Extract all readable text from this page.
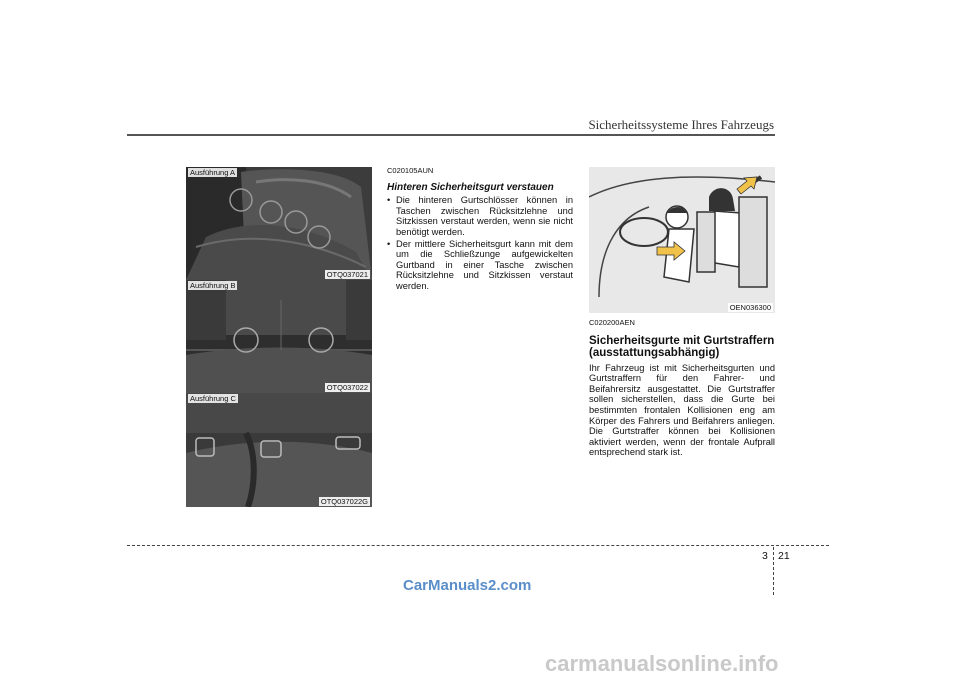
Sicherheitssysteme Ihres Fahrzeugs
Ausführung A
OTQ037021
Ausführung B
OTQ037022
Ausführung C
OTQ037022G
C020105AUN
Hinteren Sicherheitsgurt verstauen
• Die hinteren Gurtschlösser können in Taschen zwischen Rücksitzlehne und Sitzkissen verstaut werden, wenn sie nicht benötigt werden.
• Der mittlere Sicherheitsgurt kann mit dem um die Schließzunge aufgewickelten Gurtband in einer Tasche zwischen Rücksitzlehne und Sitzkissen verstaut werden.
OEN036300
C020200AEN
Sicherheitsgurte mit Gurtstraffern (ausstattungsabhängig)
Ihr Fahrzeug ist mit Sicherheitsgurten und Gurtstraffern für den Fahrer- und Beifahrersitz ausgestattet. Die Gurtstraffer sollen sicherstellen, dass die Gurte bei bestimmten frontalen Kollisionen eng am Körper des Fahrers und Beifahrers anliegen. Die Gurtstraffer können bei Kollisionen aktiviert werden, wenn der frontale Aufprall entsprechend stark ist.
3 21
CarManuals2.com
carmanualsonline.info
